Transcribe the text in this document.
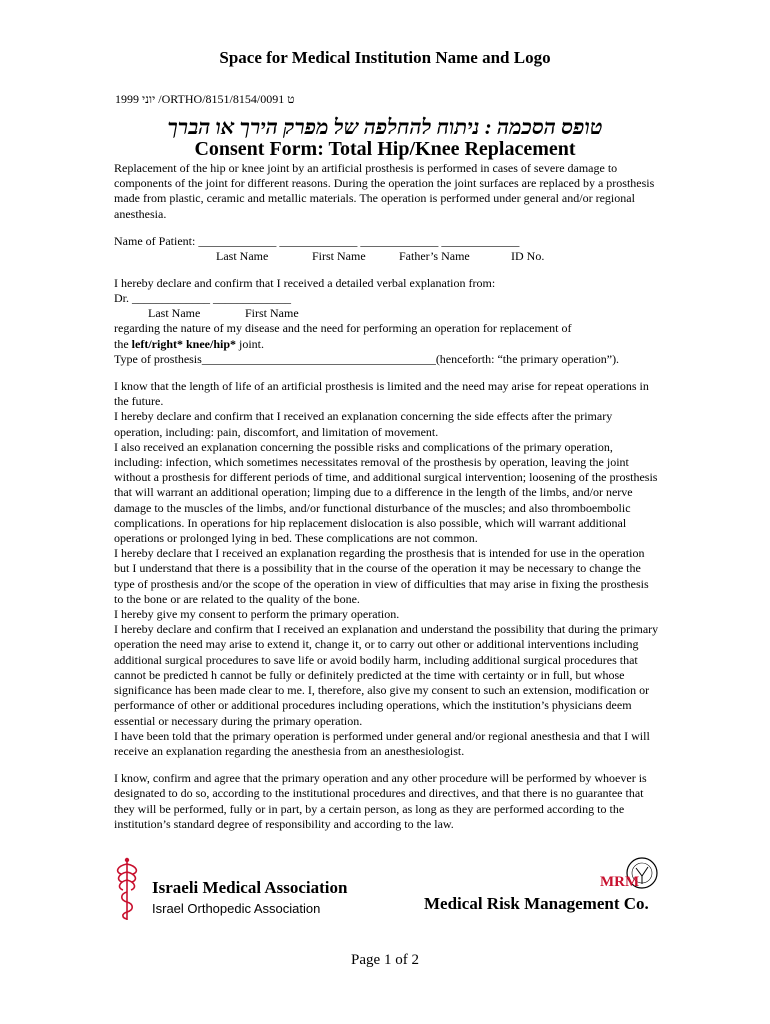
Space for Medical Institution Name and Logo
1999 יוני /ORTHO/8151/8154/0091 ט
טופס הסכמה : ניתוח להחלפה של מפרק הירך או הברך
Consent Form: Total Hip/Knee Replacement

Replacement of the hip or knee joint by an artificial prosthesis is performed in cases of severe damage to components of the joint for different reasons. During the operation the joint surfaces are replaced by a prosthesis made from plastic, ceramic and metallic materials. The operation is performed under general and/or regional anesthesia.

Name of Patient: _____________ _____________ _____________ _____________

Last Name	First Name	Father’s Name	ID No.

I hereby declare and confirm that I received a detailed verbal explanation from:

Dr. _____________ _____________

Last Name	First Name

regarding the nature of my disease and the need for performing an operation for replacement of

the left/right* knee/hip* joint.

Type of prosthesis_______________________________________(henceforth: “the primary operation”).

I know that the length of life of an artificial prosthesis is limited and the need may arise for repeat operations in the future.

I hereby declare and confirm that I received an explanation concerning the side effects after the primary operation, including: pain, discomfort, and limitation of movement.

I also received an explanation concerning the possible risks and complications of the primary operation, including: infection, which sometimes necessitates removal of the prosthesis by operation, leaving the joint without a prosthesis for different periods of time, and additional surgical intervention; loosening of the prosthesis that will warrant an additional operation; limping due to a difference in the length of the limbs, and/or nerve damage to the muscles of the limbs, and/or functional disturbance of the muscles; and also thromboembolic complications. In operations for hip replacement dislocation is also possible, which will warrant additional operations or prolonged lying in bed. These complications are not common.

I hereby declare that I received an explanation regarding the prosthesis that is intended for use in the operation but I understand that there is a possibility that in the course of the operation it may be necessary to change the type of prosthesis and/or the scope of the operation in view of difficulties that may arise in fixing the prosthesis to the bone or are related to the quality of the bone.

I hereby give my consent to perform the primary operation.

I hereby declare and confirm that I received an explanation and understand the possibility that during the primary operation the need may arise to extend it, change it, or to carry out other or additional interventions including additional surgical procedures to save life or avoid bodily harm, including additional surgical procedures that cannot be predicted h cannot be fully or definitely predicted at the time with certainty or in full, but whose significance has been made clear to me. I, therefore, also give my consent to such an extension, modification or performance of other or additional procedures including operations, which the institution’s physicians deem essential or necessary during the primary operation.

I have been told that the primary operation is performed under general and/or regional anesthesia and that I will receive an explanation regarding the anesthesia from an anesthesiologist.

I know, confirm and agree that the primary operation and any other procedure will be performed by whoever is designated to do so, according to the institutional procedures and directives, and that there is no guarantee that they will be performed, fully or in part, by a certain person, as long as they are performed according to the institution’s standard degree of responsibility and according to the law.

Israeli Medical Association
Israel Orthopedic Association
MRM
Medical Risk Management Co.
Page 1 of 2
